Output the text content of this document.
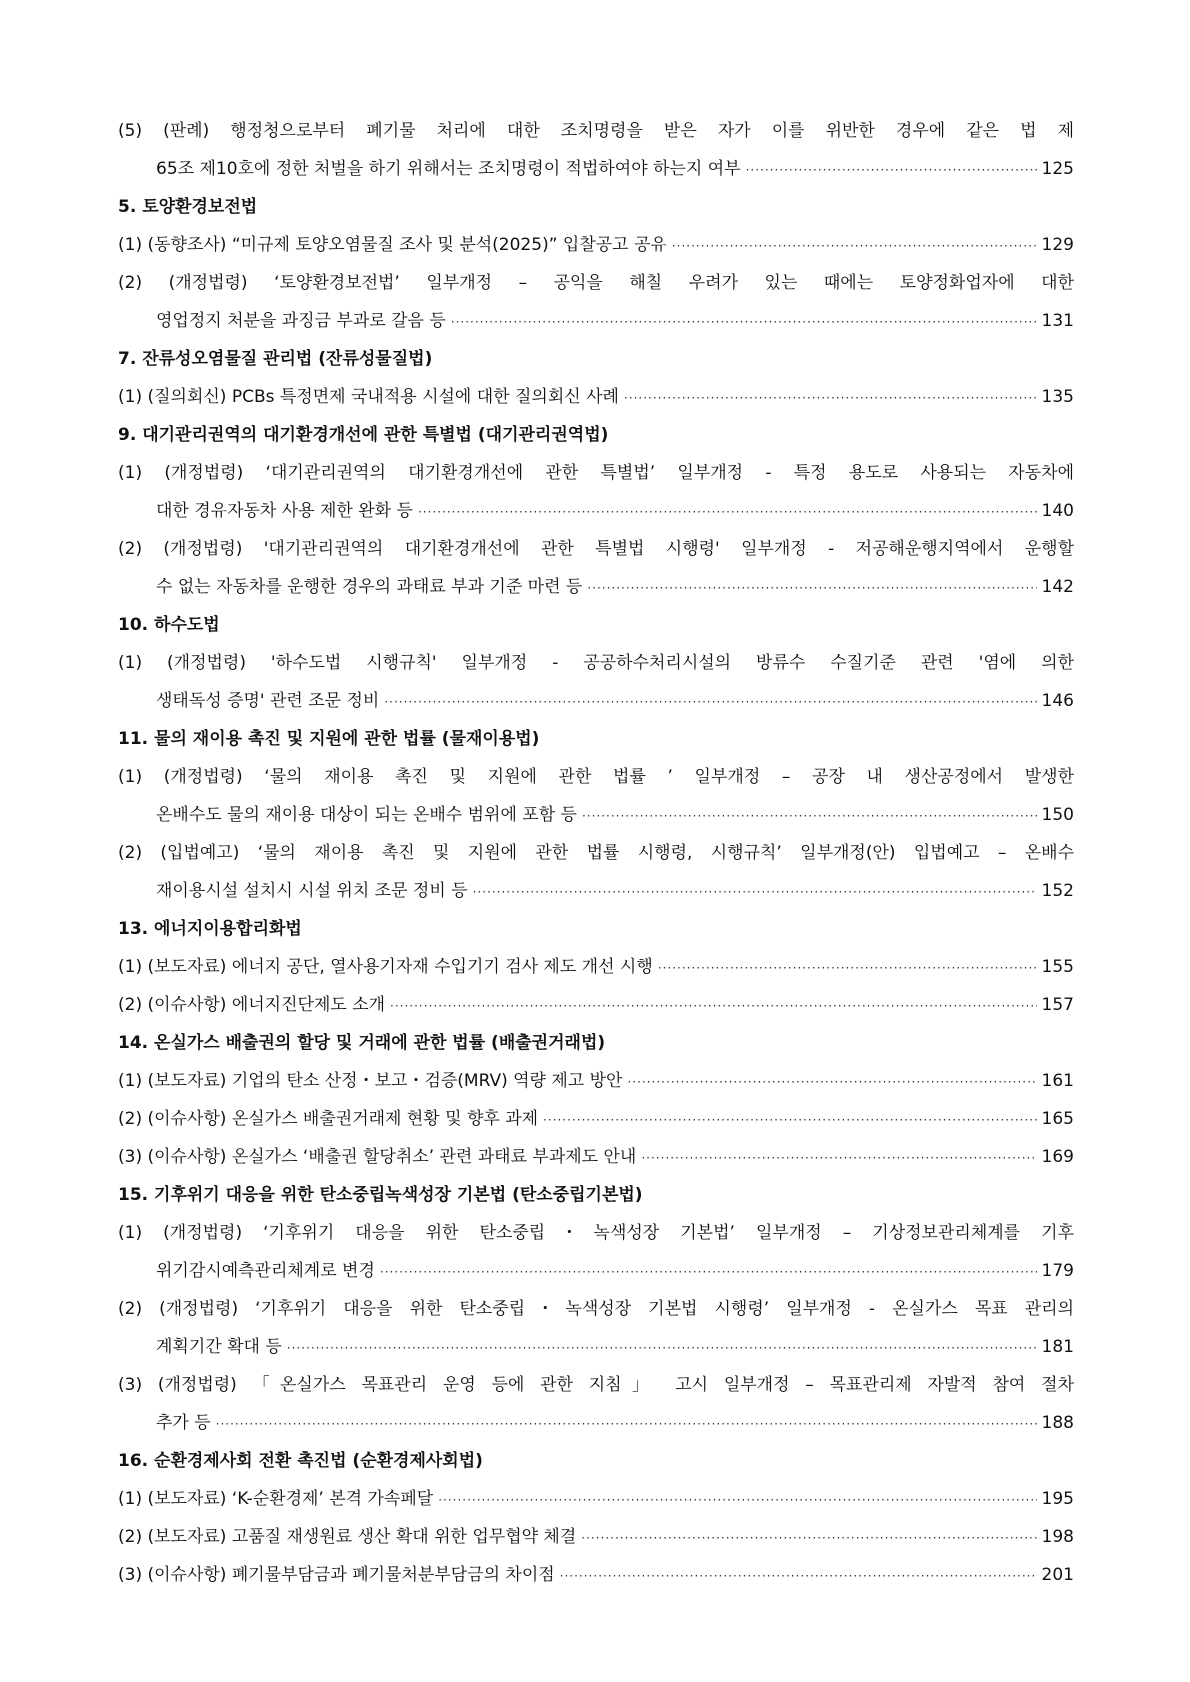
(5) (판례) 행정청으로부터 폐기물 처리에 대한 조치명령을 받은 자가 이를 위반한 경우에 같은 법 제
65조 제10호에 정한 처벌을 하기 위해서는 조치명령이 적법하여야 하는지 여부 ·····	125
5. 토양환경보전법
(1) (동향조사) “미규제 토양오염물질 조사 및 분석(2025)” 입찰공고 공유 ·····	129
(2) (개정법령) ‘토양환경보전법’ 일부개정 – 공익을 해칠 우려가 있는 때에는 토양정화업자에 대한
영업정지 처분을 과징금 부과로 갈음 등 ·····	131
7. 잔류성오염물질 관리법 (잔류성물질법)
(1) (질의회신) PCBs 특정면제 국내적용 시설에 대한 질의회신 사례 ·····	135
9. 대기관리권역의 대기환경개선에 관한 특별법 (대기관리권역법)
(1) (개정법령) ‘대기관리권역의 대기환경개선에 관한 특별법’ 일부개정 - 특정 용도로 사용되는 자동차에
대한 경유자동차 사용 제한 완화 등 ·····	140
(2) (개정법령) '대기관리권역의 대기환경개선에 관한 특별법 시행령' 일부개정 - 저공해운행지역에서 운행할
수 없는 자동차를 운행한 경우의 과태료 부과 기준 마련 등 ·····	142
10. 하수도법
(1) (개정법령) '하수도법 시행규칙' 일부개정 - 공공하수처리시설의 방류수 수질기준 관련 '염에 의한
생태독성 증명' 관련 조문 정비 ·····	146
11. 물의 재이용 촉진 및 지원에 관한 법률 (물재이용법)
(1) (개정법령) ‘물의 재이용 촉진 및 지원에 관한 법률 ’ 일부개정 – 공장 내 생산공정에서 발생한
온배수도 물의 재이용 대상이 되는 온배수 범위에 포함 등 ·····	150
(2) (입법예고) ‘물의 재이용 촉진 및 지원에 관한 법률 시행령, 시행규칙’ 일부개정(안) 입법예고 – 온배수
재이용시설 설치시 시설 위치 조문 정비 등 ·····	152
13. 에너지이용합리화법
(1) (보도자료) 에너지 공단, 열사용기자재 수입기기 검사 제도 개선 시행 ·····	155
(2) (이슈사항) 에너지진단제도 소개 ·····	157
14. 온실가스 배출권의 할당 및 거래에 관한 법률 (배출권거래법)
(1) (보도자료) 기업의 탄소 산정・보고・검증(MRV) 역량 제고 방안 ·····	161
(2) (이슈사항) 온실가스 배출권거래제 현황 및 향후 과제 ·····	165
(3) (이슈사항) 온실가스 ‘배출권 할당취소’ 관련 과태료 부과제도 안내 ·····	169
15. 기후위기 대응을 위한 탄소중립녹색성장 기본법 (탄소중립기본법)
(1) (개정법령) ‘기후위기 대응을 위한 탄소중립・녹색성장 기본법’ 일부개정 – 기상정보관리체계를 기후
위기감시예측관리체계로 변경 ·····	179
(2) (개정법령) ‘기후위기 대응을 위한 탄소중립・녹색성장 기본법 시행령’ 일부개정 - 온실가스 목표 관리의
계획기간 확대 등 ·····	181
(3) (개정법령) 「온실가스 목표관리 운영 등에 관한 지침」 고시 일부개정 – 목표관리제 자발적 참여 절차
추가 등 ·····	188
16. 순환경제사회 전환 촉진법 (순환경제사회법)
(1) (보도자료) ‘K-순환경제’ 본격 가속페달 ·····	195
(2) (보도자료) 고품질 재생원료 생산 확대 위한 업무협약 체결 ·····	198
(3) (이슈사항) 폐기물부담금과 폐기물처분부담금의 차이점 ·····	201
